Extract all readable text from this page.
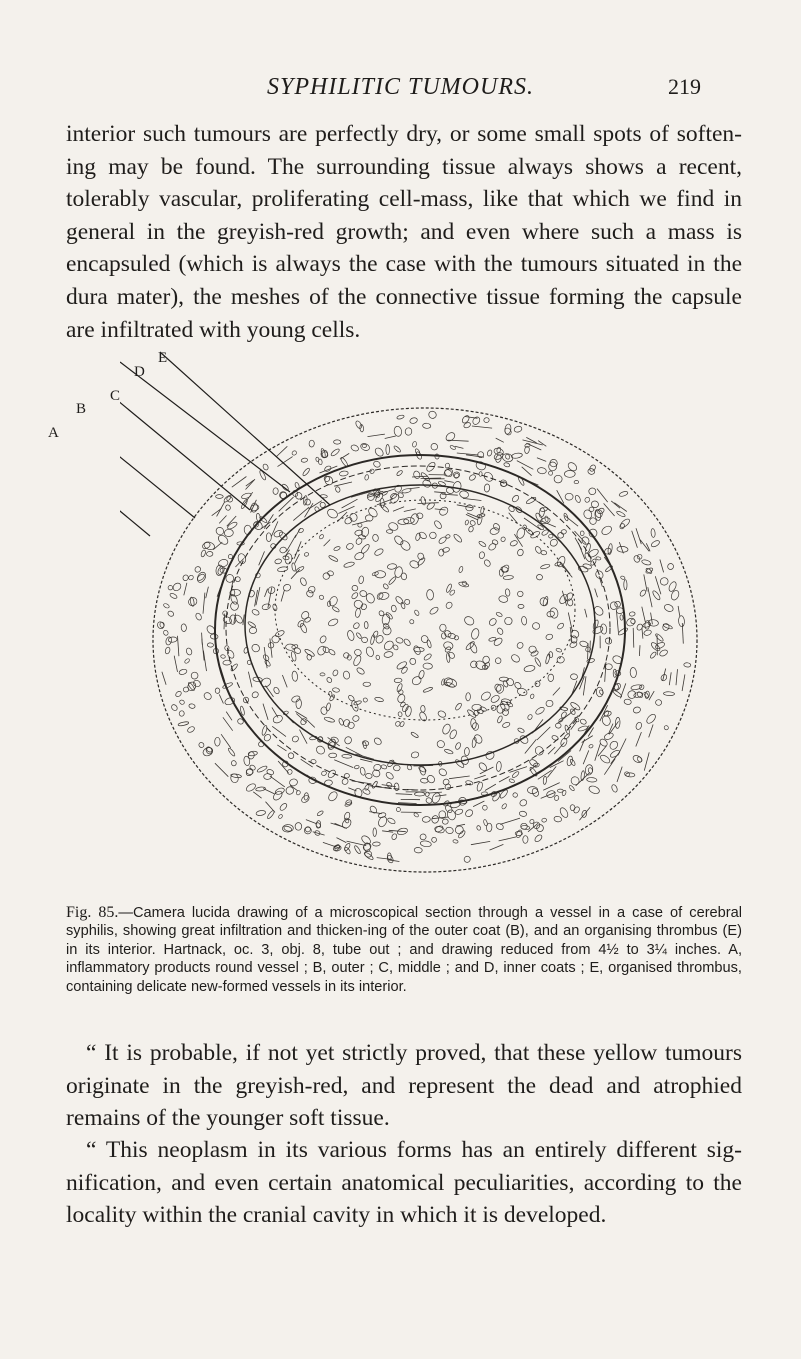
SYPHILITIC TUMOURS.	219

interior such tumours are perfectly dry, or some small spots of soften-ing may be found. The surrounding tissue always shows a recent, tolerably vascular, proliferating cell-mass, like that which we find in general in the greyish-red growth; and even where such a mass is encapsuled (which is always the case with the tumours situated in the dura mater), the meshes of the connective tissue forming the capsule are infiltrated with young cells.

A
B
C
D
E

Fig. 85.—Camera lucida drawing of a microscopical section through a vessel in a case of cerebral syphilis, showing great infiltration and thicken-ing of the outer coat (B), and an organising thrombus (E) in its interior. Hartnack, oc. 3, obj. 8, tube out ; and drawing reduced from 4½ to 3¼ inches. A, inflammatory products round vessel ; B, outer ; C, middle ; and D, inner coats ; E, organised thrombus, containing delicate new-formed vessels in its interior.

“ It is probable, if not yet strictly proved, that these yellow tumours originate in the greyish-red, and represent the dead and atrophied remains of the younger soft tissue.

“ This neoplasm in its various forms has an entirely different sig-nification, and even certain anatomical peculiarities, according to the locality within the cranial cavity in which it is developed.
